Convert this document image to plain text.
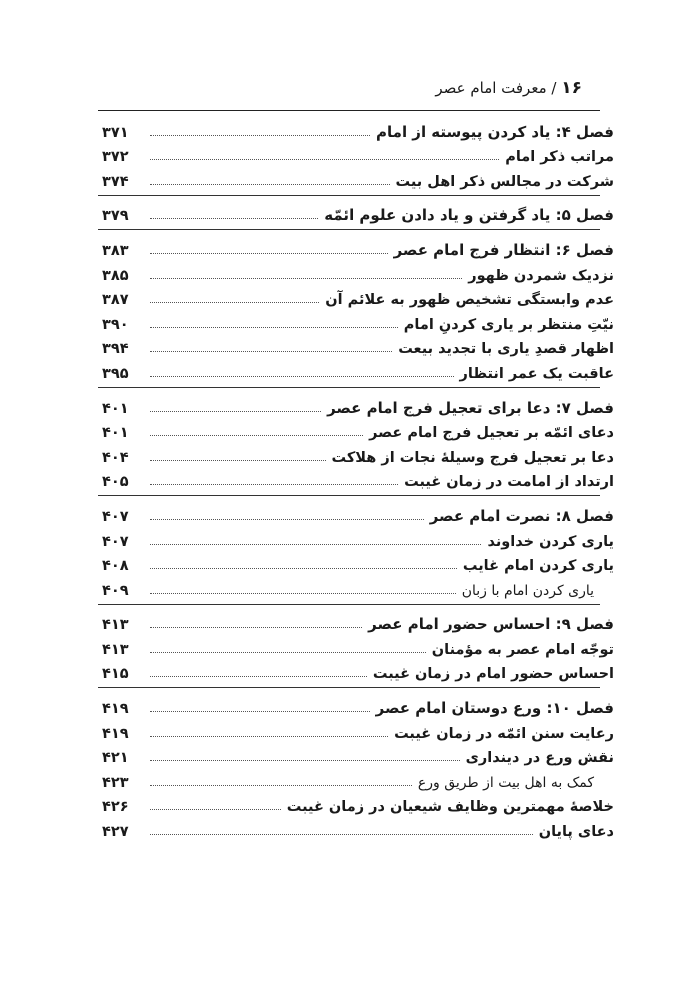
۱۶ / معرفت امام عصر
فصل ۴: یاد کردن پیوسته از امام
۳۷۱
مراتب ذکر امام
۳۷۲
شرکت در مجالس ذکر اهل بیت
۳۷۴
فصل ۵: یاد گرفتن و یاد دادن علوم ائمّه
۳۷۹
فصل ۶: انتظار فرج امام عصر
۳۸۳
نزدیک شمردن ظهور
۳۸۵
عدم وابستگی تشخیص ظهور به علائم آن
۳۸۷
نیّتِ منتظر بر یاری کردنِ امام
۳۹۰
اظهار قصدِ یاری با تجدید بیعت
۳۹۴
عاقبت یک عمر انتظار
۳۹۵
فصل ۷: دعا برای تعجیل فرج امام عصر
۴۰۱
دعای ائمّه بر تعجیل فرج امام عصر
۴۰۱
دعا بر تعجیل فرج وسیلهٔ نجات از هلاکت
۴۰۴
ارتداد از امامت در زمان غیبت
۴۰۵
فصل ۸: نصرت امام عصر
۴۰۷
یاری کردن خداوند
۴۰۷
یاری کردن امام غایب
۴۰۸
یاری کردن امام با زبان
۴۰۹
فصل ۹: احساس حضور امام عصر
۴۱۳
توجّه امام عصر به مؤمنان
۴۱۳
احساس حضور امام در زمان غیبت
۴۱۵
فصل ۱۰: ورع دوستان امام عصر
۴۱۹
رعایت سنن ائمّه در زمان غیبت
۴۱۹
نقش ورع در دینداری
۴۲۱
کمک به اهل بیت از طریق ورع
۴۲۳
خلاصهٔ مهمترین وظایف شیعیان در زمان غیبت
۴۲۶
دعای پایان
۴۲۷
